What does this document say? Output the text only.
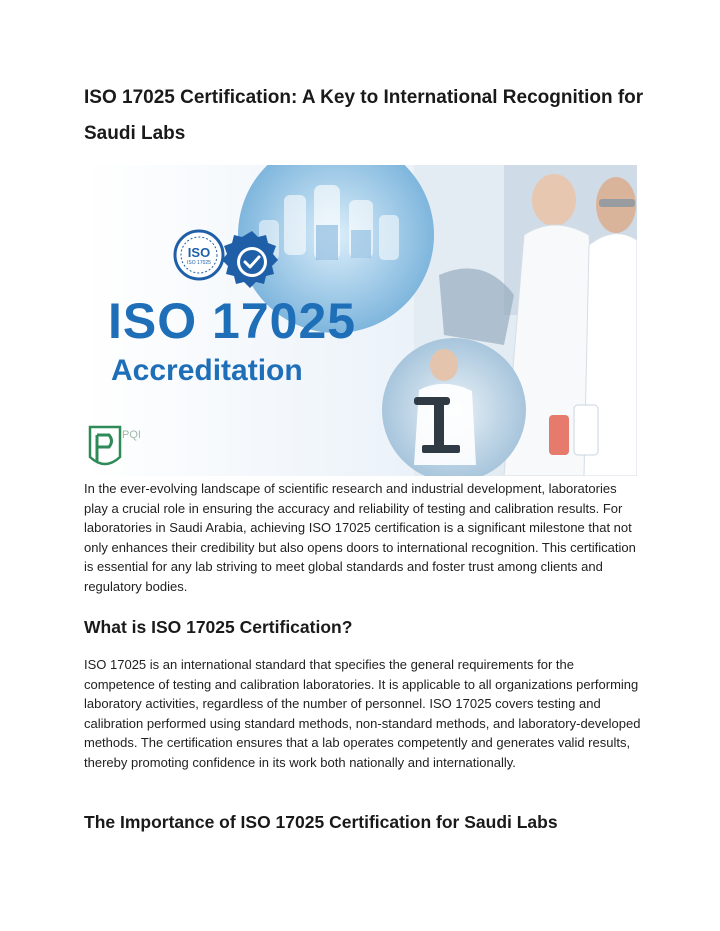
ISO 17025 Certification: A Key to International Recognition for Saudi Labs
ISO
ISO 17025
ISO 17025
Accreditation
PQI

In the ever-evolving landscape of scientific research and industrial development, laboratories play a crucial role in ensuring the accuracy and reliability of testing and calibration results. For laboratories in Saudi Arabia, achieving ISO 17025 certification is a significant milestone that not only enhances their credibility but also opens doors to international recognition. This certification is essential for any lab striving to meet global standards and foster trust among clients and regulatory bodies.

What is ISO 17025 Certification?

ISO 17025 is an international standard that specifies the general requirements for the competence of testing and calibration laboratories. It is applicable to all organizations performing laboratory activities, regardless of the number of personnel. ISO 17025 covers testing and calibration performed using standard methods, non-standard methods, and laboratory-developed methods. The certification ensures that a lab operates competently and generates valid results, thereby promoting confidence in its work both nationally and internationally.

The Importance of ISO 17025 Certification for Saudi Labs
